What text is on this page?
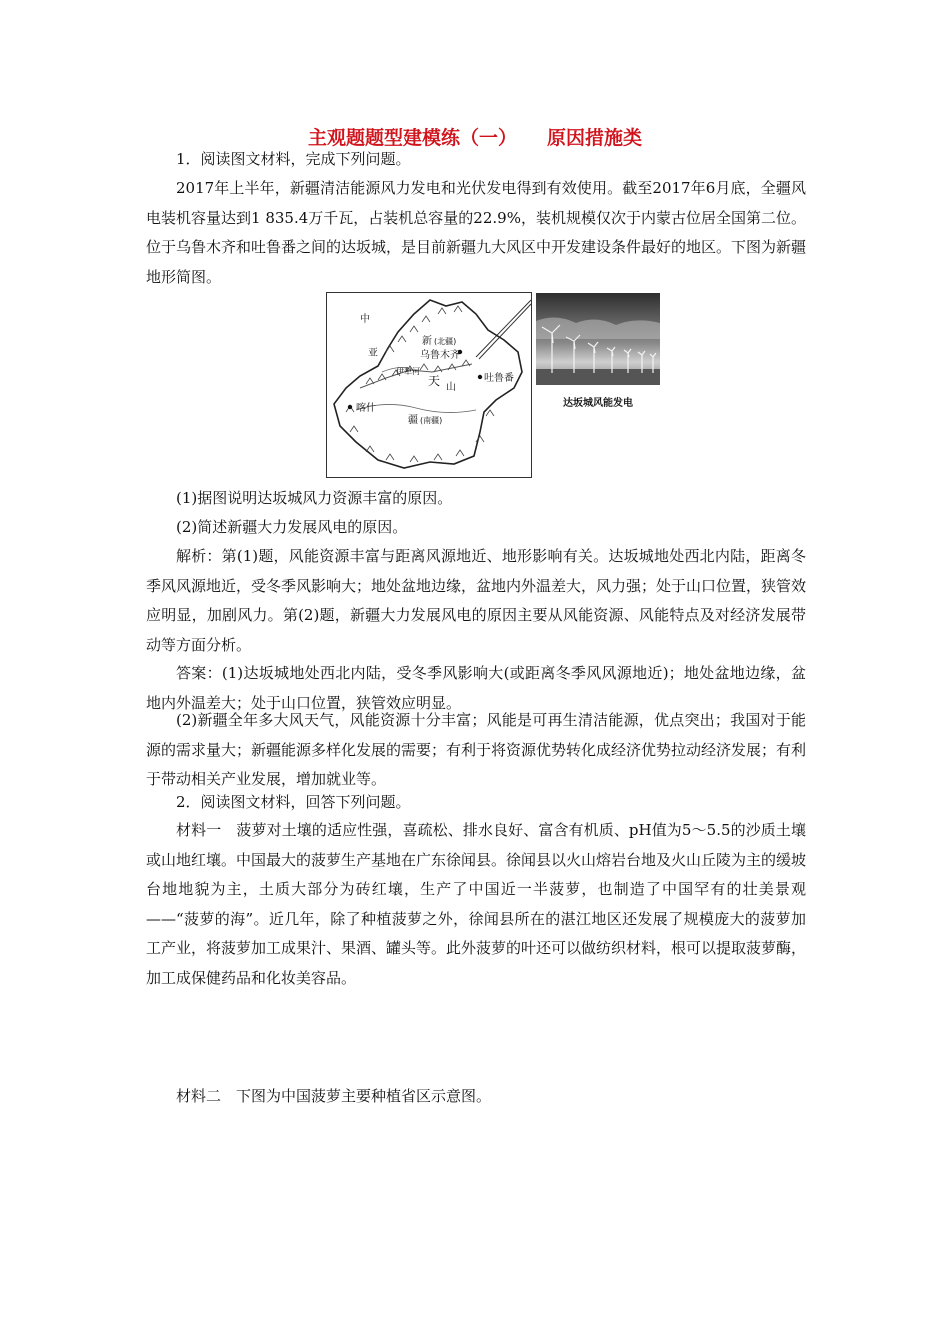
主观题题型建模练（一） 原因措施类

1．阅读图文材料，完成下列问题。

2017年上半年，新疆清洁能源风力发电和光伏发电得到有效使用。截至2017年6月底，全疆风电装机容量达到1 835.4万千瓦，占装机总容量的22.9%，装机规模仅次于内蒙古位居全国第二位。位于乌鲁木齐和吐鲁番之间的达坂城，是目前新疆九大风区中开发建设条件最好的地区。下图为新疆地形简图。

中
亚
新 (北疆)
乌鲁木齐
伊犁河
吐鲁番
天 山
喀什
疆 (南疆)
达坂城风能发电

(1)据图说明达坂城风力资源丰富的原因。

(2)简述新疆大力发展风电的原因。

解析：第(1)题，风能资源丰富与距离风源地近、地形影响有关。达坂城地处西北内陆，距离冬季风风源地近，受冬季风影响大；地处盆地边缘，盆地内外温差大，风力强；处于山口位置，狭管效应明显，加剧风力。第(2)题，新疆大力发展风电的原因主要从风能资源、风能特点及对经济发展带动等方面分析。

答案：(1)达坂城地处西北内陆，受冬季风影响大(或距离冬季风风源地近)；地处盆地边缘，盆地内外温差大；处于山口位置，狭管效应明显。

(2)新疆全年多大风天气，风能资源十分丰富；风能是可再生清洁能源，优点突出；我国对于能源的需求量大；新疆能源多样化发展的需要；有利于将资源优势转化成经济优势拉动经济发展；有利于带动相关产业发展，增加就业等。

2．阅读图文材料，回答下列问题。

材料一　菠萝对土壤的适应性强，喜疏松、排水良好、富含有机质、pH值为5～5.5的沙质土壤或山地红壤。中国最大的菠萝生产基地在广东徐闻县。徐闻县以火山熔岩台地及火山丘陵为主的缓坡台地地貌为主，土质大部分为砖红壤，生产了中国近一半菠萝，也制造了中国罕有的壮美景观——“菠萝的海”。近几年，除了种植菠萝之外，徐闻县所在的湛江地区还发展了规模庞大的菠萝加工产业，将菠萝加工成果汁、果酒、罐头等。此外菠萝的叶还可以做纺织材料，根可以提取菠萝酶，加工成保健药品和化妆美容品。

材料二　下图为中国菠萝主要种植省区示意图。
